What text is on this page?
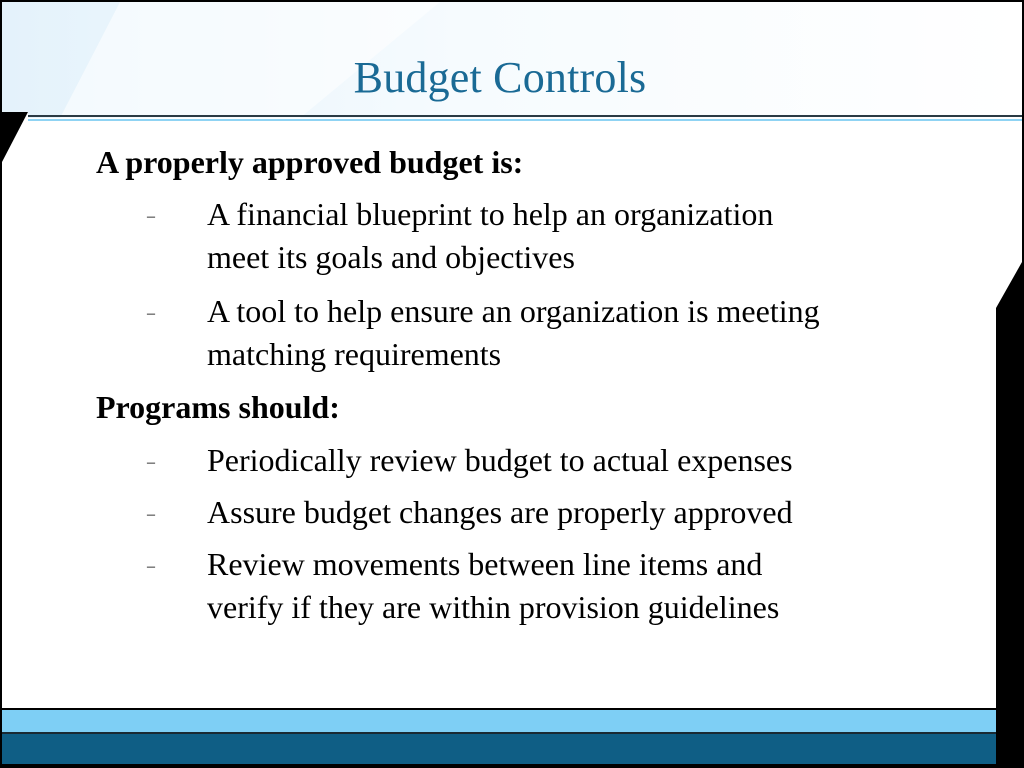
Budget Controls
A properly approved budget is:
– A financial blueprint to help an organization
meet its goals and objectives
– A tool to help ensure an organization is meeting
matching requirements
Programs should:
– Periodically review budget to actual expenses
– Assure budget changes are properly approved
– Review movements between line items and
verify if they are within provision guidelines
